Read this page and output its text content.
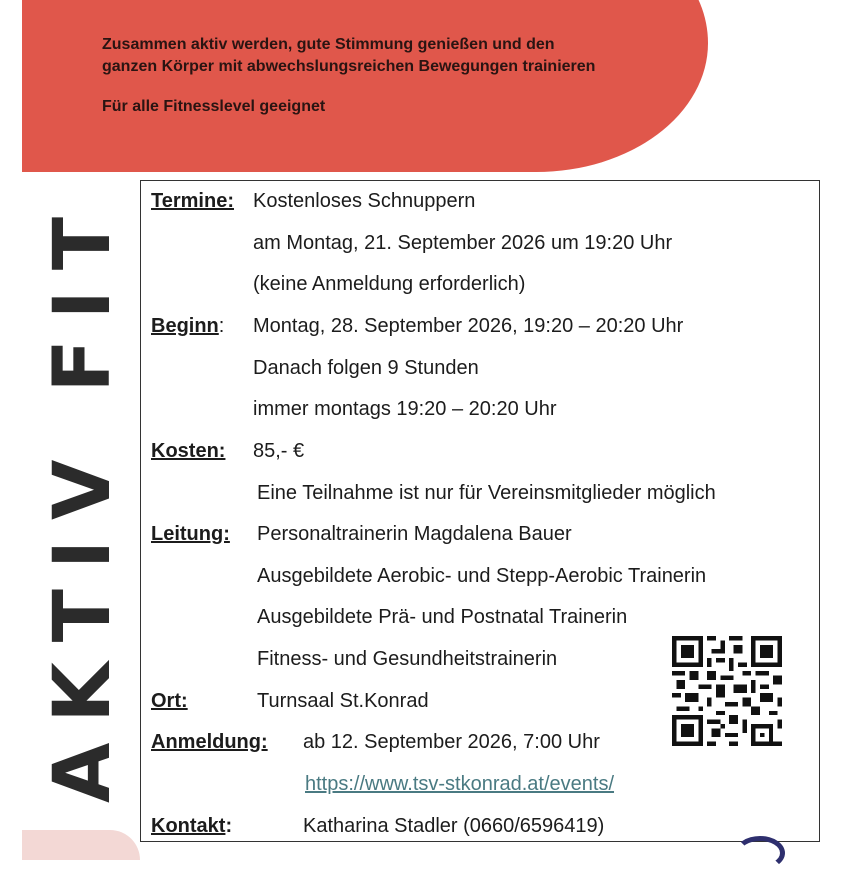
Zusammen aktiv werden, gute Stimmung genießen und den

ganzen Körper mit abwechslungsreichen Bewegungen trainieren

Für alle Fitnesslevel geeignet

AKTIV FIT Termine: Kostenloses Schnuppern
am Montag, 21. September 2026 um 19:20 Uhr
(keine Anmeldung erforderlich)
Beginn: Montag, 28. September 2026, 19:20 – 20:20 Uhr
Danach folgen 9 Stunden
immer montags 19:20 – 20:20 Uhr
Kosten: 85,- €
Eine Teilnahme ist nur für Vereinsmitglieder möglich
Leitung: Personaltrainerin Magdalena Bauer
Ausgebildete Aerobic- und Stepp-Aerobic Trainerin
Ausgebildete Prä- und Postnatal Trainerin
Fitness- und Gesundheitstrainerin
Ort:	Turnsaal St.Konrad
Anmeldung: ab 12. September 2026, 7:00 Uhr
https://www.tsv-stkonrad.at/events/
Kontakt:	Katharina Stadler (0660/6596419)
